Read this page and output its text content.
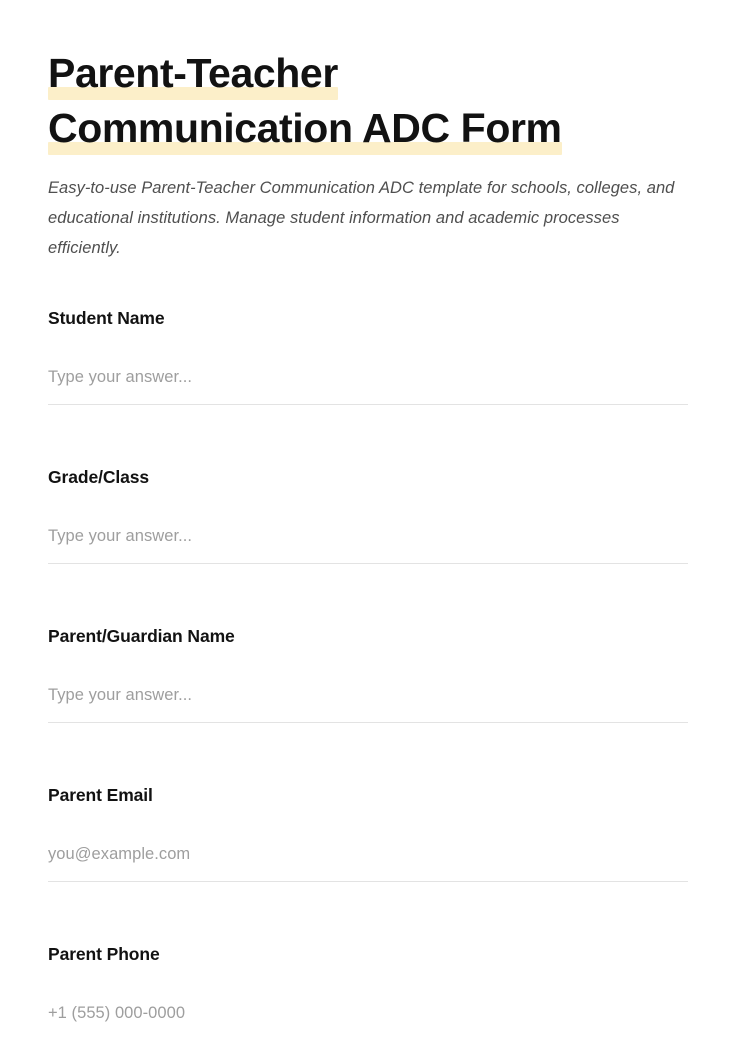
Parent-Teacher
Communication ADC Form

Easy-to-use Parent-Teacher Communication ADC template for schools, colleges, and educational institutions. Manage student information and academic processes efficiently.

Student Name
Type your answer...
Grade/Class
Type your answer...
Parent/Guardian Name
Type your answer...
Parent Email
you@example.com
Parent Phone
+1 (555) 000-0000
